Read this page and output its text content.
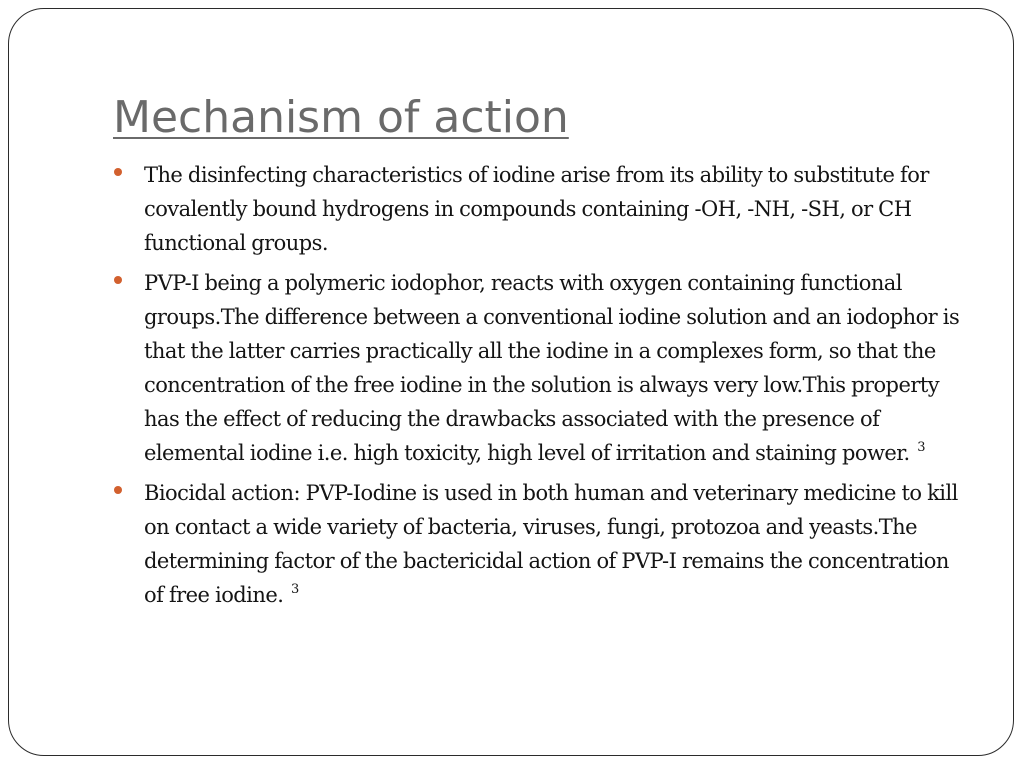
Mechanism of action
The disinfecting characteristics of iodine arise from its ability to substitute for covalently bound hydrogens in compounds containing -OH, -NH, -SH, or CH functional groups.
PVP-I being a polymeric iodophor, reacts with oxygen containing functional groups.The difference between a conventional iodine solution and an iodophor is that the latter carries practically all the iodine in a complexes form, so that the concentration of the free iodine in the solution is always very low.This property has the effect of reducing the drawbacks associated with the presence of elemental iodine i.e. high toxicity, high level of irritation and staining power. $^3$
Biocidal action: PVP-Iodine is used in both human and veterinary medicine to kill on contact a wide variety of bacteria, viruses, fungi, protozoa and yeasts.The determining factor of the bactericidal action of PVP-I remains the concentration of free iodine. $^3$
